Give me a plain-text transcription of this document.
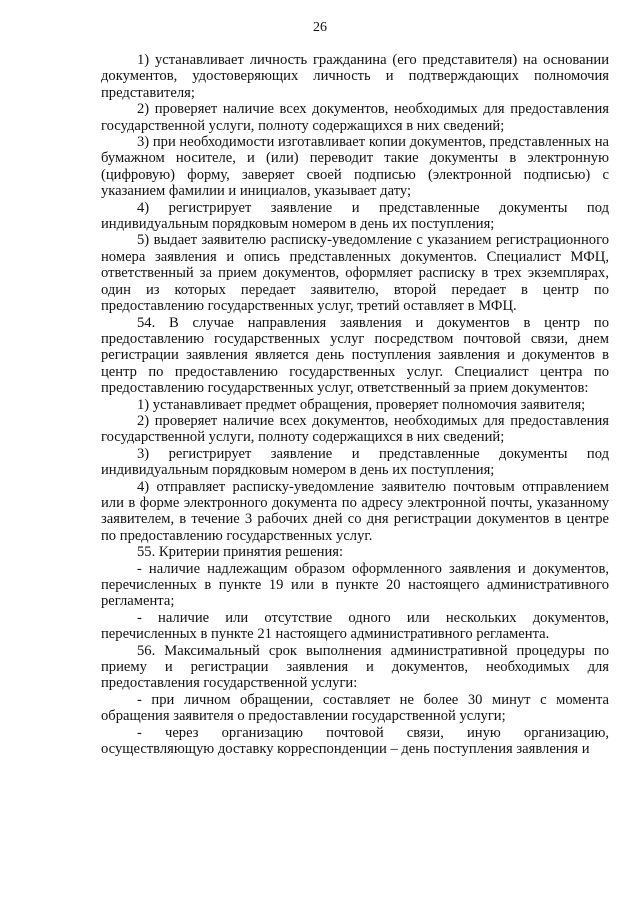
26

1) устанавливает личность гражданина (его представителя) на основании документов, удостоверяющих личность и подтверждающих полномочия представителя;

2) проверяет наличие всех документов, необходимых для предоставления государственной услуги, полноту содержащихся в них сведений;

3) при необходимости изготавливает копии документов, представленных на бумажном носителе, и (или) переводит такие документы в электронную (цифровую) форму, заверяет своей подписью (электронной подписью) с указанием фамилии и инициалов, указывает дату;

4) регистрирует заявление и представленные документы под индивидуальным порядковым номером в день их поступления;

5) выдает заявителю расписку-уведомление с указанием регистрационного номера заявления и опись представленных документов. Специалист МФЦ, ответственный за прием документов, оформляет расписку в трех экземплярах, один из которых передает заявителю, второй передает в центр по предоставлению государственных услуг, третий оставляет в МФЦ.

54. В случае направления заявления и документов в центр по предоставлению государственных услуг посредством почтовой связи, днем регистрации заявления является день поступления заявления и документов в центр по предоставлению государственных услуг. Специалист центра по предоставлению государственных услуг, ответственный за прием документов:

1) устанавливает предмет обращения, проверяет полномочия заявителя;

2) проверяет наличие всех документов, необходимых для предоставления государственной услуги, полноту содержащихся в них сведений;

3) регистрирует заявление и представленные документы под индивидуальным порядковым номером в день их поступления;

4) отправляет расписку-уведомление заявителю почтовым отправлением или в форме электронного документа по адресу электронной почты, указанному заявителем, в течение 3 рабочих дней со дня регистрации документов в центре по предоставлению государственных услуг.

55. Критерии принятия решения:

- наличие надлежащим образом оформленного заявления и документов, перечисленных в пункте 19 или в пункте 20 настоящего административного регламента;

- наличие или отсутствие одного или нескольких документов, перечисленных в пункте 21 настоящего административного регламента.

56. Максимальный срок выполнения административной процедуры по приему и регистрации заявления и документов, необходимых для предоставления государственной услуги:

- при личном обращении, составляет не более 30 минут с момента обращения заявителя о предоставлении государственной услуги;

- через организацию почтовой связи, иную организацию, осуществляющую доставку корреспонденции – день поступления заявления и
